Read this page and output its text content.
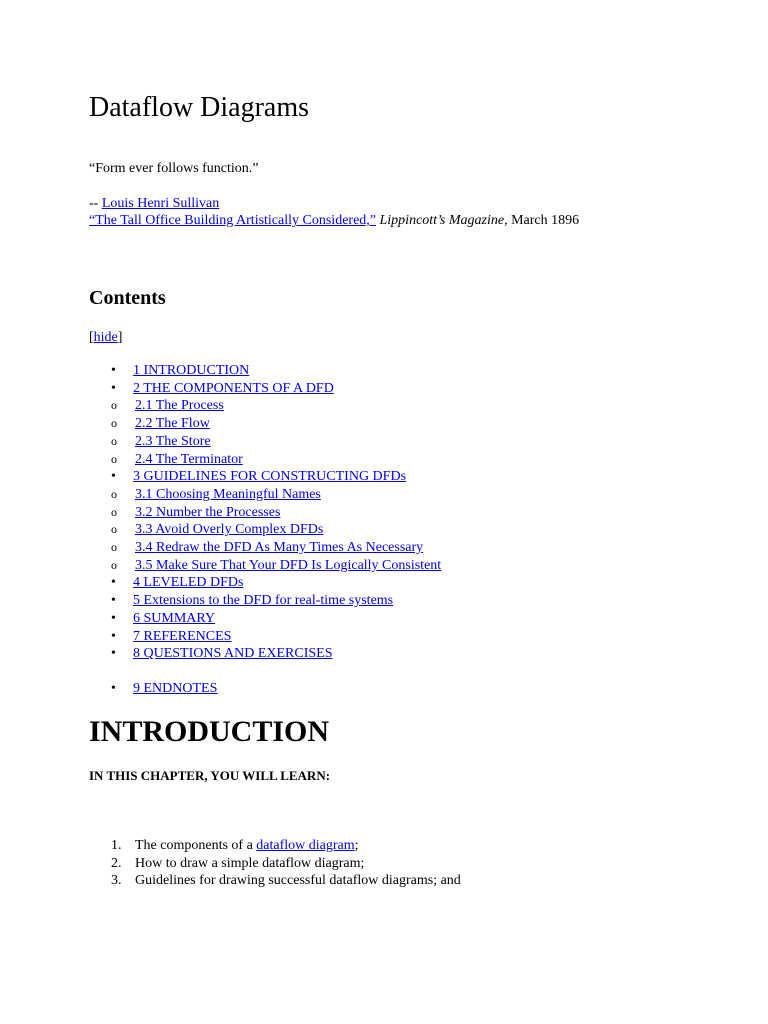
Dataflow Diagrams
“Form ever follows function.”
-- Louis Henri Sullivan
“The Tall Office Building Artistically Considered,” Lippincott’s Magazine, March 1896
Contents
[hide]
• 1 INTRODUCTION
• 2 THE COMPONENTS OF A DFD
o 2.1 The Process
o 2.2 The Flow
o 2.3 The Store
o 2.4 The Terminator
• 3 GUIDELINES FOR CONSTRUCTING DFDs
o 3.1 Choosing Meaningful Names
o 3.2 Number the Processes
o 3.3 Avoid Overly Complex DFDs
o 3.4 Redraw the DFD As Many Times As Necessary
o 3.5 Make Sure That Your DFD Is Logically Consistent
• 4 LEVELED DFDs
• 5 Extensions to the DFD for real-time systems
• 6 SUMMARY
• 7 REFERENCES
• 8 QUESTIONS AND EXERCISES
• 9 ENDNOTES
INTRODUCTION
IN THIS CHAPTER, YOU WILL LEARN:
1. The components of a dataflow diagram;
2. How to draw a simple dataflow diagram;
3. Guidelines for drawing successful dataflow diagrams; and
